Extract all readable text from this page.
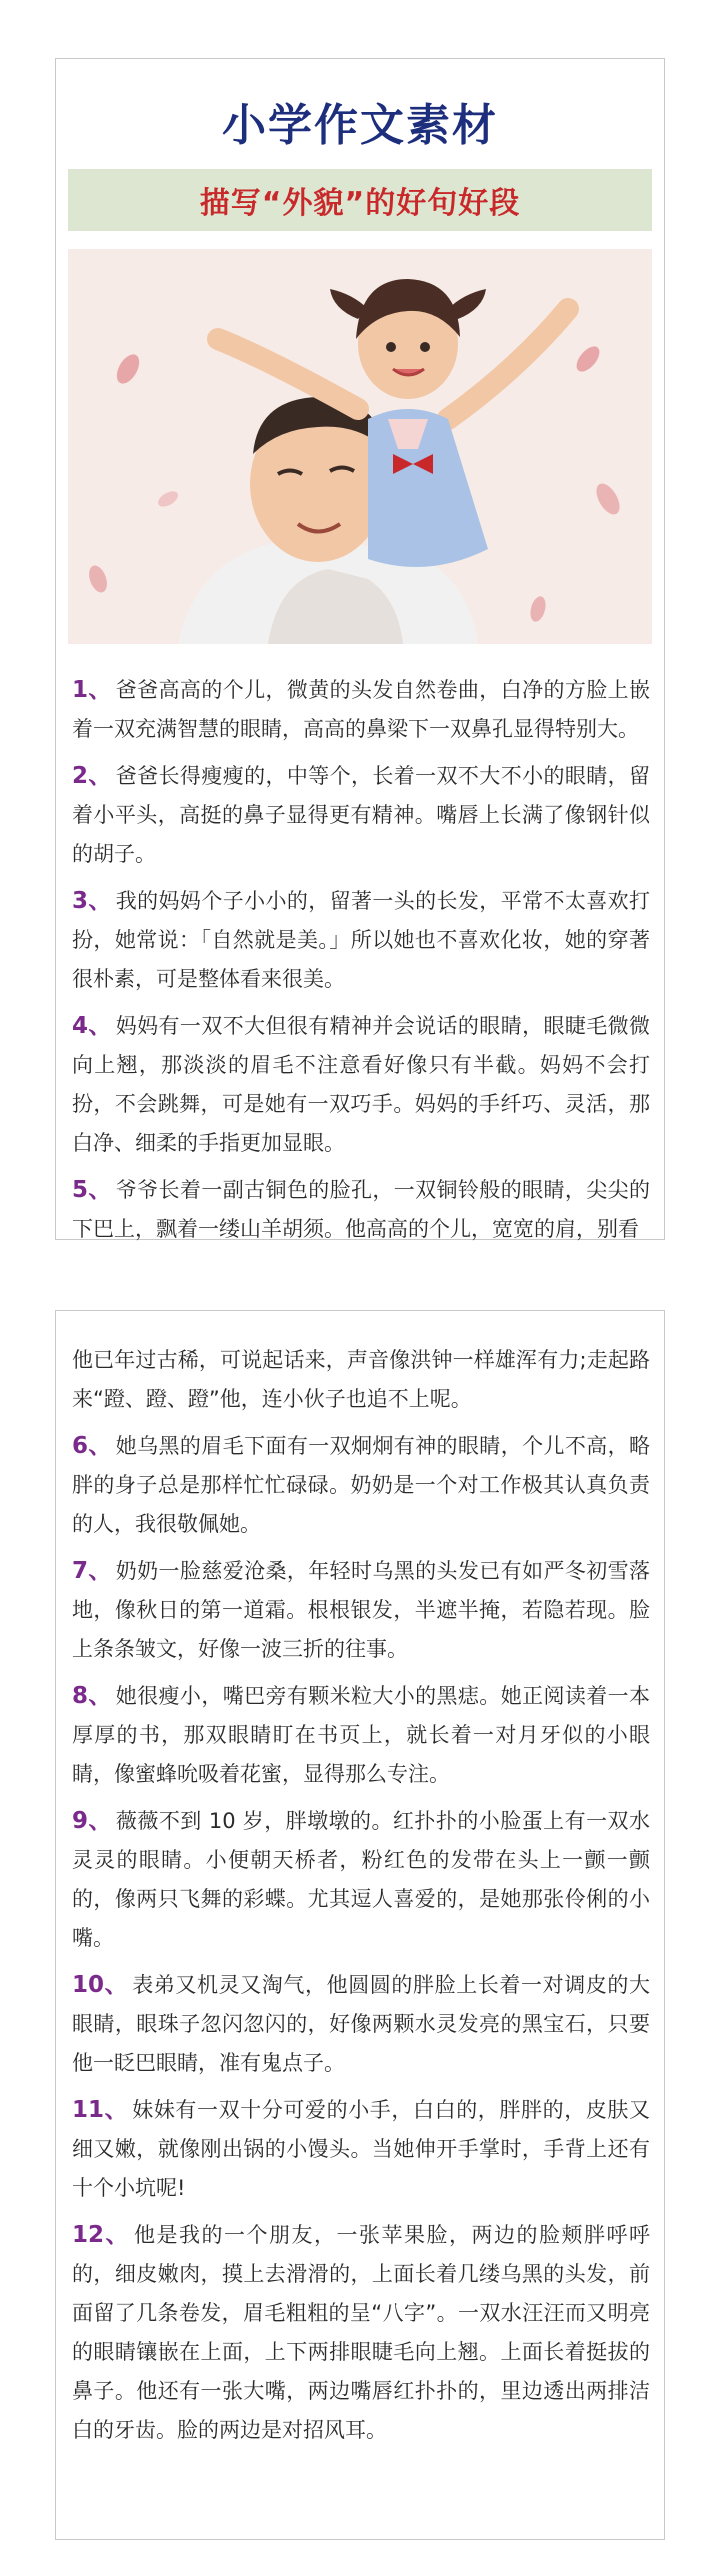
小学作文素材
描写“外貌”的好句好段

1、 爸爸高高的个儿，微黄的头发自然卷曲，白净的方脸上嵌着一双充满智慧的眼睛，高高的鼻梁下一双鼻孔显得特别大。

2、 爸爸长得瘦瘦的，中等个，长着一双不大不小的眼睛，留着小平头，高挺的鼻子显得更有精神。嘴唇上长满了像钢针似的胡子。

3、 我的妈妈个子小小的，留著一头的长发，平常不太喜欢打扮，她常说：「自然就是美。」所以她也不喜欢化妆，她的穿著很朴素，可是整体看来很美。

4、 妈妈有一双不大但很有精神并会说话的眼睛，眼睫毛微微向上翘，那淡淡的眉毛不注意看好像只有半截。妈妈不会打扮，不会跳舞，可是她有一双巧手。妈妈的手纤巧、灵活，那白净、细柔的手指更加显眼。

5、 爷爷长着一副古铜色的脸孔，一双铜铃般的眼睛，尖尖的下巴上，飘着一缕山羊胡须。他高高的个儿，宽宽的肩，别看

他已年过古稀，可说起话来，声音像洪钟一样雄浑有力;走起路来“蹬、蹬、蹬”他，连小伙子也追不上呢。

6、 她乌黑的眉毛下面有一双炯炯有神的眼睛，个儿不高，略胖的身子总是那样忙忙碌碌。奶奶是一个对工作极其认真负责的人，我很敬佩她。

7、 奶奶一脸慈爱沧桑，年轻时乌黑的头发已有如严冬初雪落地，像秋日的第一道霜。根根银发，半遮半掩，若隐若现。脸上条条皱文，好像一波三折的往事。

8、 她很瘦小，嘴巴旁有颗米粒大小的黑痣。她正阅读着一本厚厚的书，那双眼睛盯在书页上，就长着一对月牙似的小眼睛，像蜜蜂吮吸着花蜜，显得那么专注。

9、 薇薇不到 10 岁，胖墩墩的。红扑扑的小脸蛋上有一双水灵灵的眼睛。小便朝天桥者，粉红色的发带在头上一颤一颤的，像两只飞舞的彩蝶。尤其逗人喜爱的，是她那张伶俐的小嘴。

10、 表弟又机灵又淘气，他圆圆的胖脸上长着一对调皮的大眼睛，眼珠子忽闪忽闪的，好像两颗水灵发亮的黑宝石，只要他一眨巴眼睛，准有鬼点子。

11、 妹妹有一双十分可爱的小手，白白的，胖胖的，皮肤又细又嫩，就像刚出锅的小馒头。当她伸开手掌时，手背上还有十个小坑呢!

12、 他是我的一个朋友，一张苹果脸，两边的脸颊胖呼呼的，细皮嫩肉，摸上去滑滑的，上面长着几缕乌黑的头发，前面留了几条卷发，眉毛粗粗的呈“八字”。一双水汪汪而又明亮的眼睛镶嵌在上面，上下两排眼睫毛向上翘。上面长着挺拔的鼻子。他还有一张大嘴，两边嘴唇红扑扑的，里边透出两排洁白的牙齿。脸的两边是对招风耳。
